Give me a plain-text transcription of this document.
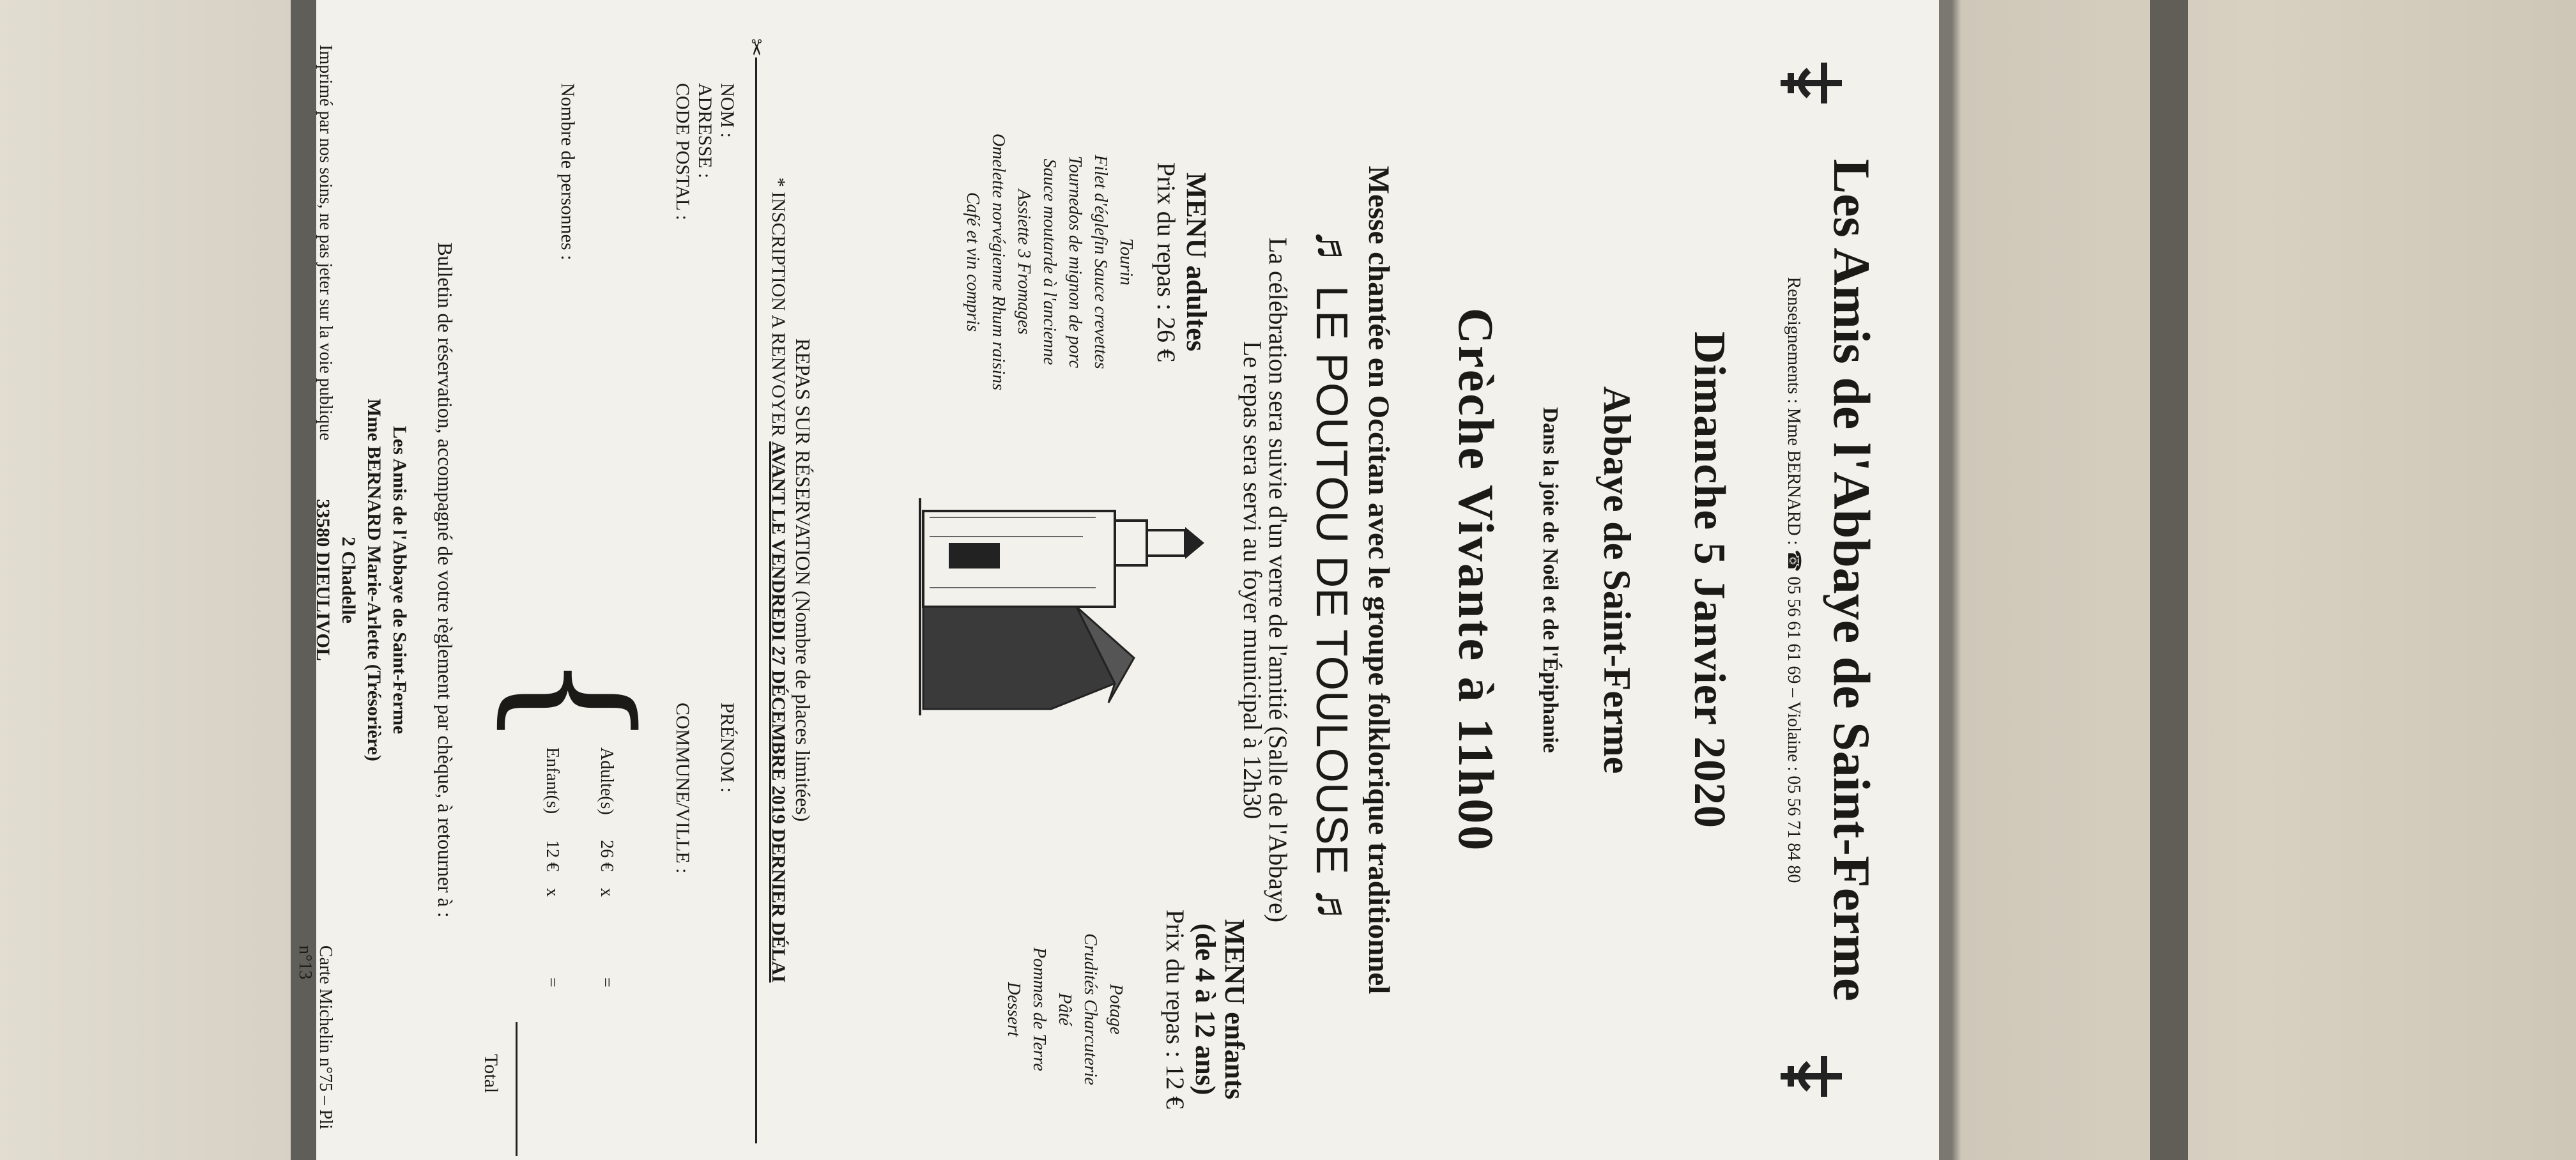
Les Amis de l'Abbaye de Saint-Ferme
Renseignements : Mme BERNARD : ☎ 05 56 61 61 69 – Violaine : 05 56 71 84 80
Dimanche 5 Janvier 2020
Abbaye de Saint-Ferme
Dans la joie de Noël et de l'Épiphanie
Crèche Vivante à 11h00
Messe chantée en Occitan avec le groupe folklorique traditionnel
♬ LE POUTOU DE TOULOUSE ♬
La célébration sera suivie d'un verre de l'amitié (Salle de l'Abbaye)
Le repas sera servi au foyer municipal à 12h30
MENU adultes
Prix du repas : 26 €
Tourin
Filet d'églefin Sauce crevettes
Tournedos de mignon de porc
Sauce moutarde à l'ancienne
Assiette 3 Fromages
Omelette norvégienne Rhum raisins
Café et vin compris
MENU enfants
(de 4 à 12 ans)
Prix du repas : 12 €
Potage
Crudités Charcuterie
Pâté
Pommes de Terre
Dessert
REPAS SUR RÉSERVATION (Nombre de places limitées)
* INSCRIPTION A RENVOYER AVANT LE VENDREDI 27 DÉCEMBRE 2019 DERNIER DÉLAI
✂
NOM :
ADRESSE :
CODE POSTAL :
PRÉNOM :
COMMUNE/VILLE :
Nombre de personnes :
{
Adulte(s)
26 €
x
=
Enfant(s)
12 €
x
=
Total
Bulletin de réservation, accompagné de votre règlement par chèque, à retourner à :
Les Amis de l'Abbaye de Saint-Ferme
Mme BERNARD Marie-Arlette (Trésorière)
2 Chadelle
33580 DIEULIVOL
Imprimé par nos soins, ne pas jeter sur la voie publique
Carte Michelin n°75 – Pli n°13
